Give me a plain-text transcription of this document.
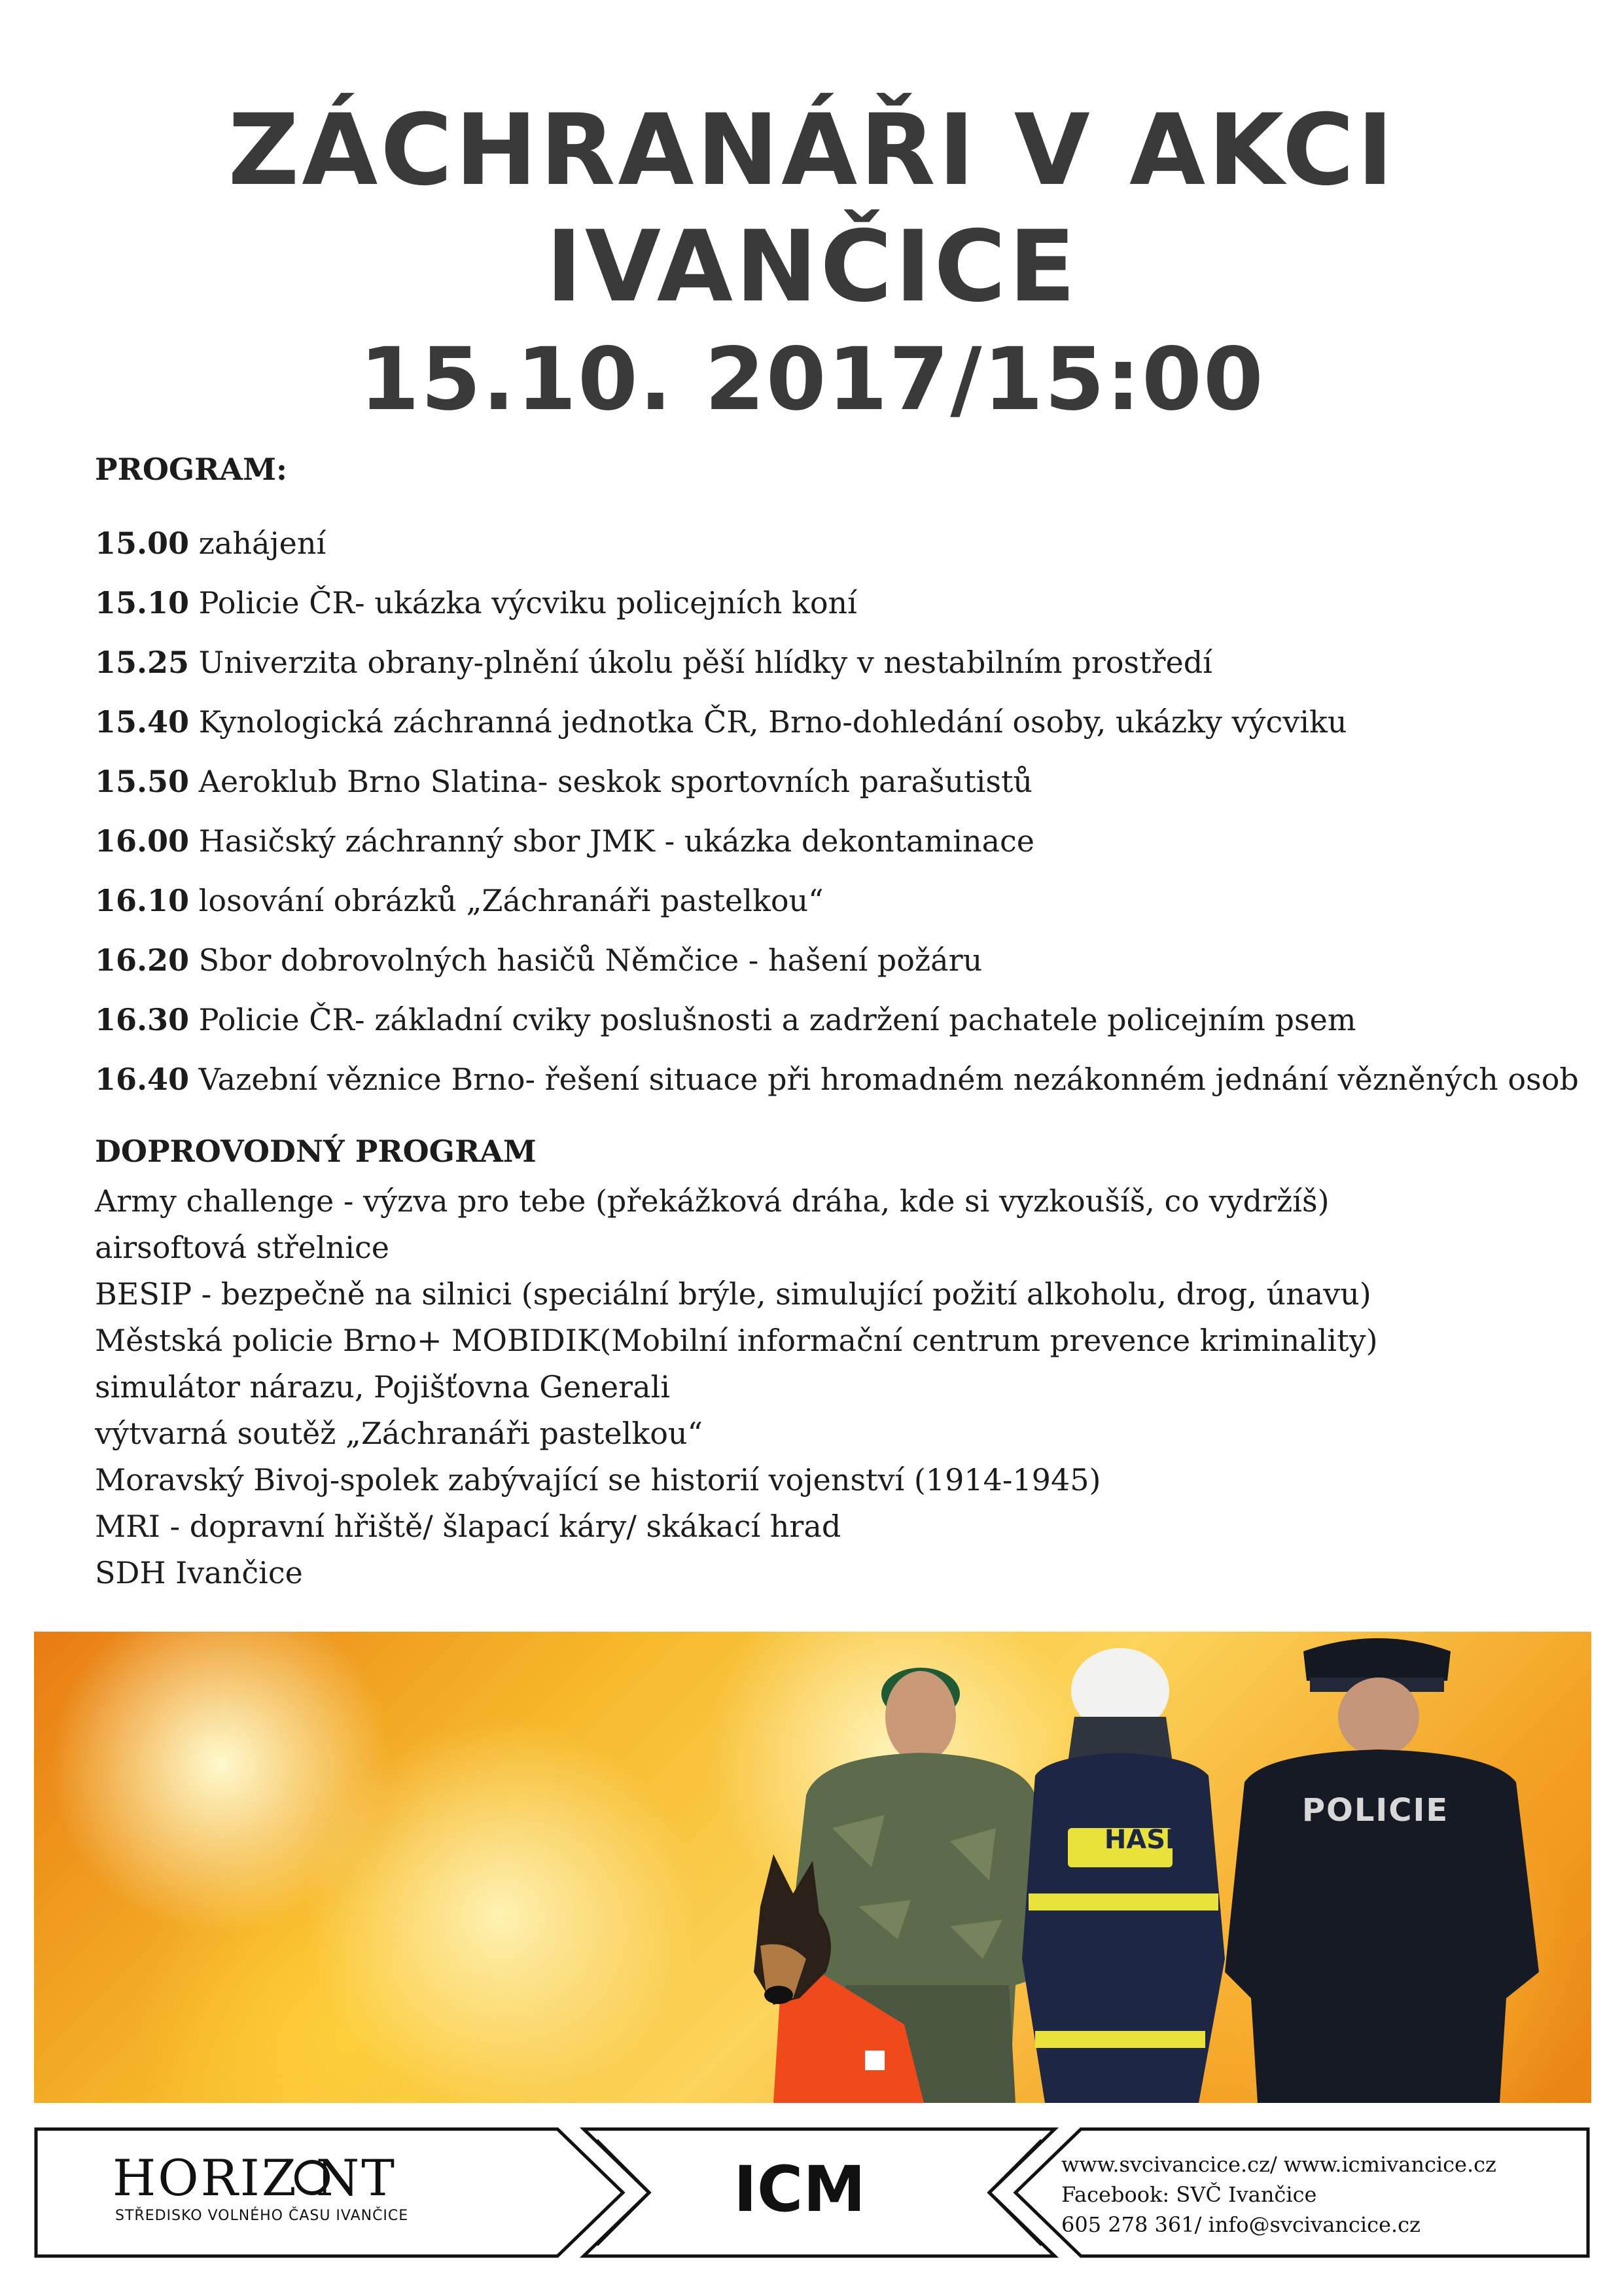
ZÁCHRANÁŘI V AKCI
IVANČICE
15.10. 2017/15:00

PROGRAM:

15.00 zahájení
15.10 Policie ČR- ukázka výcviku policejních koní
15.25 Univerzita obrany-plnění úkolu pěší hlídky v nestabilním prostředí
15.40 Kynologická záchranná jednotka ČR, Brno-dohledání osoby, ukázky výcviku
15.50 Aeroklub Brno Slatina- seskok sportovních parašutistů
16.00 Hasičský záchranný sbor JMK - ukázka dekontaminace
16.10 losování obrázků „Záchranáři pastelkou“
16.20 Sbor dobrovolných hasičů Němčice - hašení požáru
16.30 Policie ČR- základní cviky poslušnosti a zadržení pachatele policejním psem
16.40 Vazební věznice Brno- řešení situace při hromadném nezákonném jednání vězněných osob

DOPROVODNÝ PROGRAM

Army challenge - výzva pro tebe (překážková dráha, kde si vyzkoušíš, co vydržíš)
airsoftová střelnice
BESIP - bezpečně na silnici (speciální brýle, simulující požití alkoholu, drog, únavu)
Městská policie Brno+ MOBIDIK(Mobilní informační centrum prevence kriminality)
simulátor nárazu, Pojišťovna Generali
výtvarná soutěž „Záchranáři pastelkou“
Moravský Bivoj-spolek zabývající se historií vojenství (1914-1945)
MRI - dopravní hřiště/ šlapací káry/ skákací hrad
SDH Ivančice
HASIČI
POLICIE
HORIZ NT
STŘEDISKO VOLNÉHO ČASU IVANČICE	ICM	www.svcivancice.cz/ www.icmivancice.cz
Facebook: SVČ Ivančice
605 278 361/ info@svcivancice.cz
